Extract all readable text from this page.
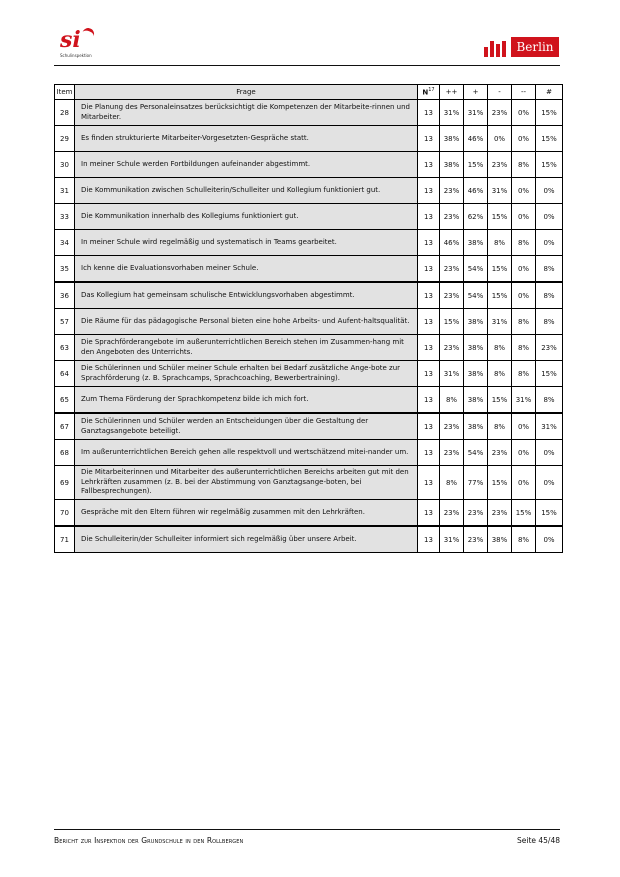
si
Schulinspektion
Berlin
Item	Frage	$N^{17}$	++	+	-	--	#
28	Die Planung des Personaleinsatzes berücksichtigt die Kompetenzen der Mitarbeite-rinnen und Mitarbeiter.	13	31%	31%	23%	0%	15%
29	Es finden strukturierte Mitarbeiter-Vorgesetzten-Gespräche statt.	13	38%	46%	0%	0%	15%
30	In meiner Schule werden Fortbildungen aufeinander abgestimmt.	13	38%	15%	23%	8%	15%
31	Die Kommunikation zwischen Schulleiterin/Schulleiter und Kollegium funktioniert gut.	13	23%	46%	31%	0%	0%
33	Die Kommunikation innerhalb des Kollegiums funktioniert gut.	13	23%	62%	15%	0%	0%
34	In meiner Schule wird regelmäßig und systematisch in Teams gearbeitet.	13	46%	38%	8%	8%	0%
35	Ich kenne die Evaluationsvorhaben meiner Schule.	13	23%	54%	15%	0%	8%
36	Das Kollegium hat gemeinsam schulische Entwicklungsvorhaben abgestimmt.	13	23%	54%	15%	0%	8%
57	Die Räume für das pädagogische Personal bieten eine hohe Arbeits- und Aufent-haltsqualität.	13	15%	38%	31%	8%	8%
63	Die Sprachförderangebote im außerunterrichtlichen Bereich stehen im Zusammen-hang mit den Angeboten des Unterrichts.	13	23%	38%	8%	8%	23%
64	Die Schülerinnen und Schüler meiner Schule erhalten bei Bedarf zusätzliche Ange-bote zur Sprachförderung (z. B. Sprachcamps, Sprachcoaching, Bewerbertraining).	13	31%	38%	8%	8%	15%
65	Zum Thema Förderung der Sprachkompetenz bilde ich mich fort.	13	8%	38%	15%	31%	8%
67	Die Schülerinnen und Schüler werden an Entscheidungen über die Gestaltung der Ganztagsangebote beteiligt.	13	23%	38%	8%	0%	31%
68	Im außerunterrichtlichen Bereich gehen alle respektvoll und wertschätzend mitei-nander um.	13	23%	54%	23%	0%	0%
69	Die Mitarbeiterinnen und Mitarbeiter des außerunterrichtlichen Bereichs arbeiten gut mit den Lehrkräften zusammen (z. B. bei der Abstimmung von Ganztagsange-boten, bei Fallbesprechungen).	13	8%	77%	15%	0%	0%
70	Gespräche mit den Eltern führen wir regelmäßig zusammen mit den Lehrkräften.	13	23%	23%	23%	15%	15%
71	Die Schulleiterin/der Schulleiter informiert sich regelmäßig über unsere Arbeit.	13	31%	23%	38%	8%	0%
Bericht zur Inspektion der Grundschule in den Rollbergen	Seite 45/48
